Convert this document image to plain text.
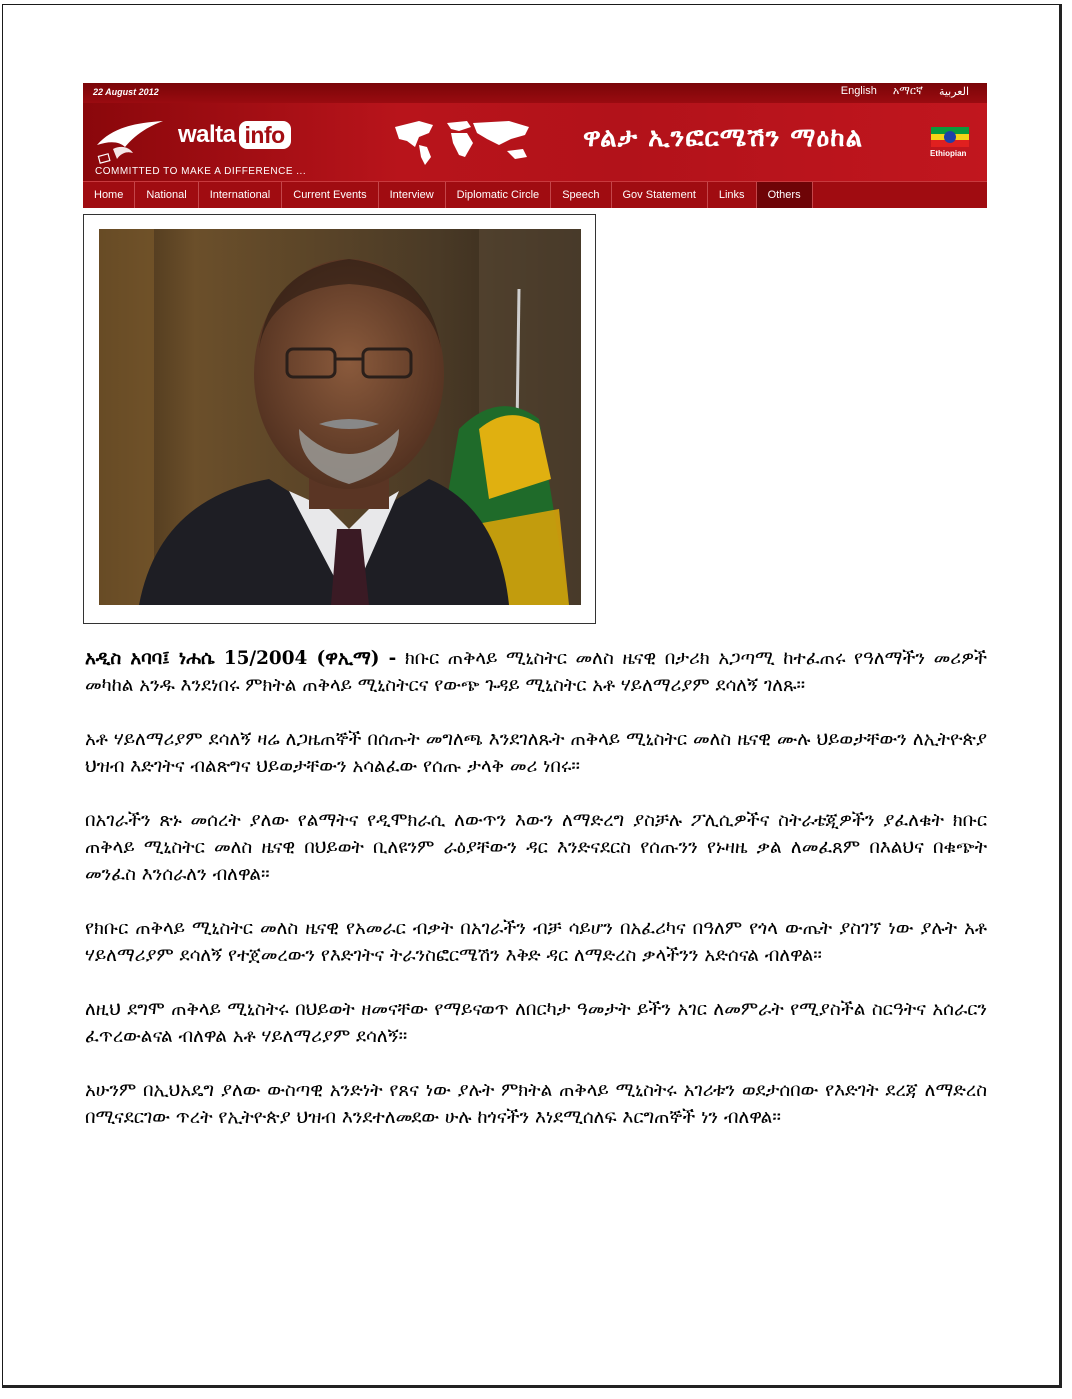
22 August 2012	English አማርኛ العربية
walta info
COMMITTED TO MAKE A DIFFERENCE ...
ዋልታ ኢንፎርሜሽን ማዕከል
Ethiopian
Home	National	International	Current Events	Interview	Diplomatic Circle	Speech	Gov Statement	Links	Others

አዲስ አባባ፤ ነሐሴ 15/2004 (ዋኢማ) - ክቡር ጠቅላይ ሚኒስትር መለስ ዜናዊ በታሪክ አጋጣሚ ከተፈጠሩ የዓለማችን መሪዎች መካከል አንዱ እንደነበሩ ምክትል ጠቅላይ ሚኒስትርና የውጭ ጉዳይ ሚኒስትር አቶ ሃይለማሪያም ደሳለኝ ገለጹ።

አቶ ሃይለማሪያም ደሳለኝ ዛሬ ለጋዜጠኞች በሰጡት መግለጫ እንደገለጹት ጠቅላይ ሚኒስትር መለስ ዜናዊ ሙሉ ህይወታቸውን ለኢትዮጵያ ህዝብ እድገትና ብልጽግና ህይወታቸውን አሳልፈው የሰጡ ታላቅ መሪ ነበሩ።

በአገራችን ጽኑ መሰረት ያለው የልማትና የዲሞክራሲ ለውጥን እውን ለማድረግ ያስቻሉ ፖሊሲዎችና ስትራቴጂዎችን ያፈለቁት ክቡር ጠቅላይ ሚኒስትር መለስ ዜናዊ በህይወት ቢለዩንም ራዕያቸውን ዳር እንድናደርስ የሰጡንን የኑዛዜ ቃል ለመፈጸም በእልህና በቁጭት መንፈስ እንሰራለን ብለዋል።

የክቡር ጠቅላይ ሚኒስትር መለስ ዜናዊ የአመራር ብቃት በአገራችን ብቻ ሳይሆን በአፈሪካና በዓለም የጎላ ውጤት ያስገኘ ነው ያሉት አቶ ሃይለማሪያም ደሳለኝ የተጀመረውን የእድገትና ትራንስፎርሜሽን እቅድ ዳር ለማድረስ ቃላችንን አድሰናል ብለዋል።

ለዚህ ደግሞ ጠቅላይ ሚኒስትሩ በህይወት ዘመናቸው የማይናወጥ ለበርካታ ዓመታት ይችን አገር ለመምራት የሚያስችል ስርዓትና አሰራርን ፈጥረውልናል ብለዋል አቶ ሃይለማሪያም ደሳለኝ።

አሁንም በኢህአዴግ ያለው ውስጣዊ አንድነት የጸና ነው ያሉት ምክትል ጠቅላይ ሚኒስትሩ አገሪቱን ወደታሰበው የእድገት ደረጃ ለማድረስ በሚናደርገው ጥረት የኢትዮጵያ ህዝብ እንደተለመደው ሁሉ ከጎናችን እነደሚሰለፍ እርግጠኞች ነን ብለዋል።
